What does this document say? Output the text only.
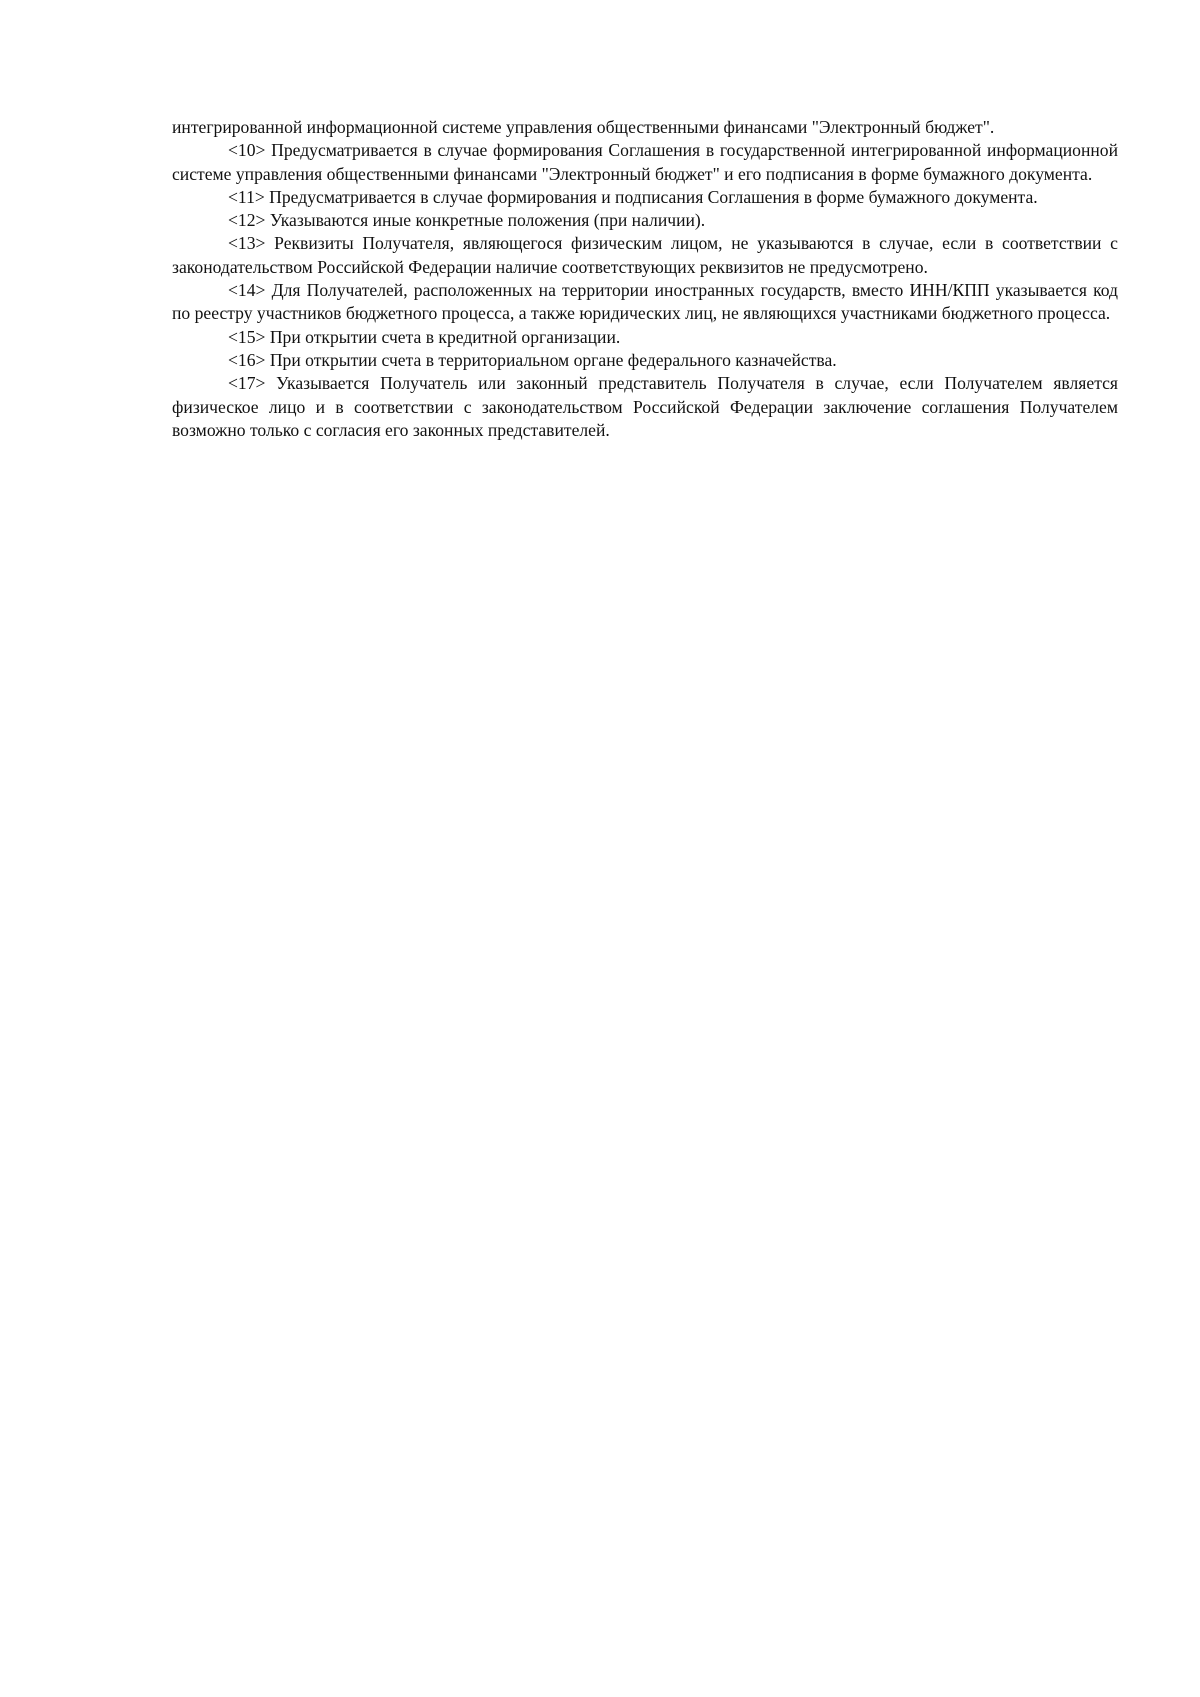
интегрированной информационной системе управления общественными финансами "Электронный бюджет".

<10> Предусматривается в случае формирования Соглашения в государственной интегрированной информационной системе управления общественными финансами "Электронный бюджет" и его подписания в форме бумажного документа.

<11> Предусматривается в случае формирования и подписания Соглашения в форме бумажного документа.

<12> Указываются иные конкретные положения (при наличии).

<13> Реквизиты Получателя, являющегося физическим лицом, не указываются в случае, если в соответствии с законодательством Российской Федерации наличие соответствующих реквизитов не предусмотрено.

<14> Для Получателей, расположенных на территории иностранных государств, вместо ИНН/КПП указывается код по реестру участников бюджетного процесса, а также юридических лиц, не являющихся участниками бюджетного процесса.

<15> При открытии счета в кредитной организации.

<16> При открытии счета в территориальном органе федерального казначейства.

<17> Указывается Получатель или законный представитель Получателя в случае, если Получателем является физическое лицо и в соответствии с законодательством Российской Федерации заключение соглашения Получателем возможно только с согласия его законных представителей.
